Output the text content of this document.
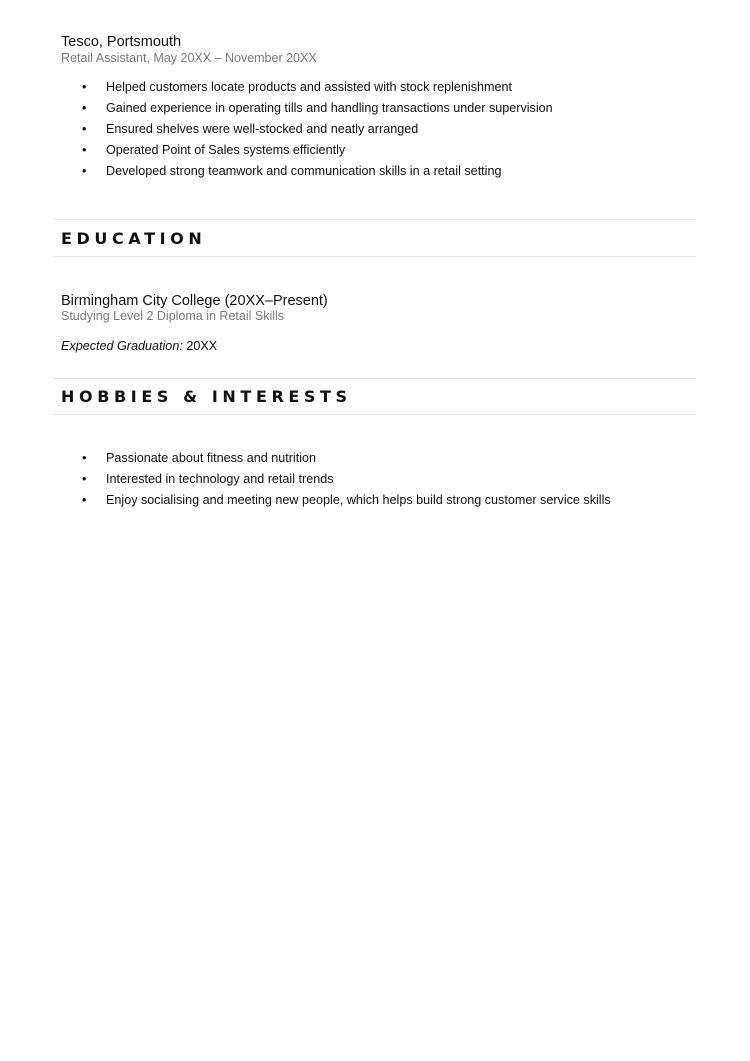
Tesco, Portsmouth
Retail Assistant, May 20XX – November 20XX
• Helped customers locate products and assisted with stock replenishment
• Gained experience in operating tills and handling transactions under supervision
• Ensured shelves were well-stocked and neatly arranged
• Operated Point of Sales systems efficiently
• Developed strong teamwork and communication skills in a retail setting
EDUCATION
Birmingham City College (20XX–Present)
Studying Level 2 Diploma in Retail Skills
Expected Graduation: 20XX
HOBBIES & INTERESTS
• Passionate about fitness and nutrition
• Interested in technology and retail trends
• Enjoy socialising and meeting new people, which helps build strong customer service skills
